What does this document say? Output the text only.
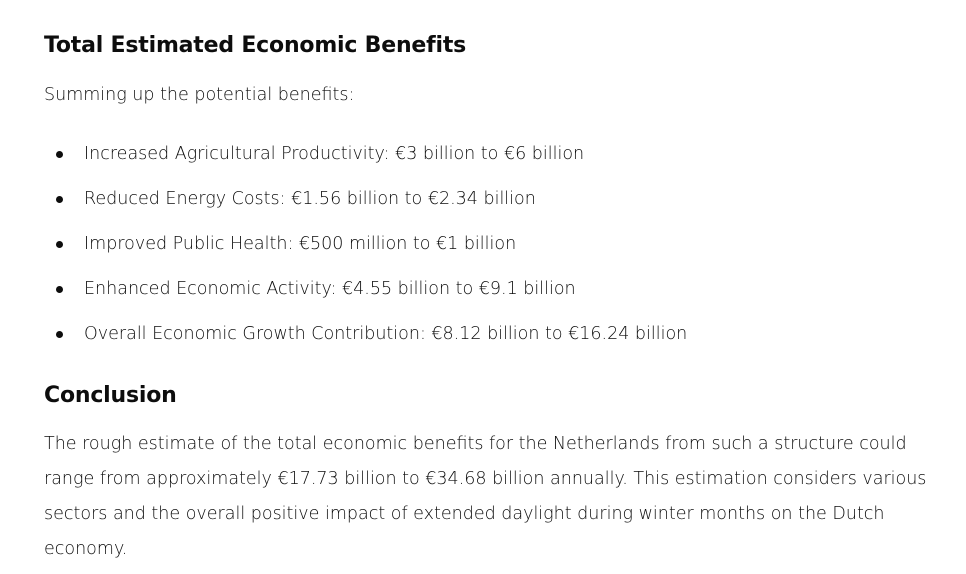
Total Estimated Economic Benefits

Summing up the potential benefits:

Increased Agricultural Productivity: €3 billion to €6 billion
Reduced Energy Costs: €1.56 billion to €2.34 billion
Improved Public Health: €500 million to €1 billion
Enhanced Economic Activity: €4.55 billion to €9.1 billion
Overall Economic Growth Contribution: €8.12 billion to €16.24 billion
Conclusion

The rough estimate of the total economic benefits for the Netherlands from such a structure could range from approximately €17.73 billion to €34.68 billion annually. This estimation considers various sectors and the overall positive impact of extended daylight during winter months on the Dutch economy.
